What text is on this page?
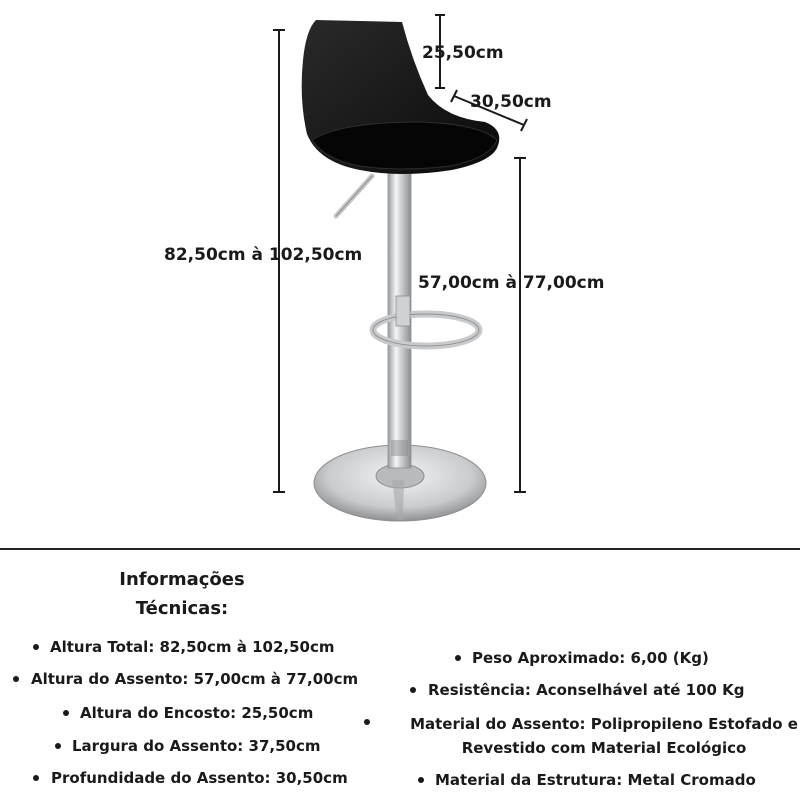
82,50cm à 102,50cm
57,00cm à 77,00cm
25,50cm
30,50cm
Informações
Técnicas:
Altura Total: 82,50cm à 102,50cm
Altura do Assento: 57,00cm à 77,00cm
Altura do Encosto: 25,50cm
Largura do Assento: 37,50cm
Profundidade do Assento: 30,50cm
Peso Aproximado: 6,00 (Kg)
Resistência: Aconselhável até 100 Kg
Material do Assento: Polipropileno Estofado e Revestido com Material Ecológico
Material da Estrutura: Metal Cromado
